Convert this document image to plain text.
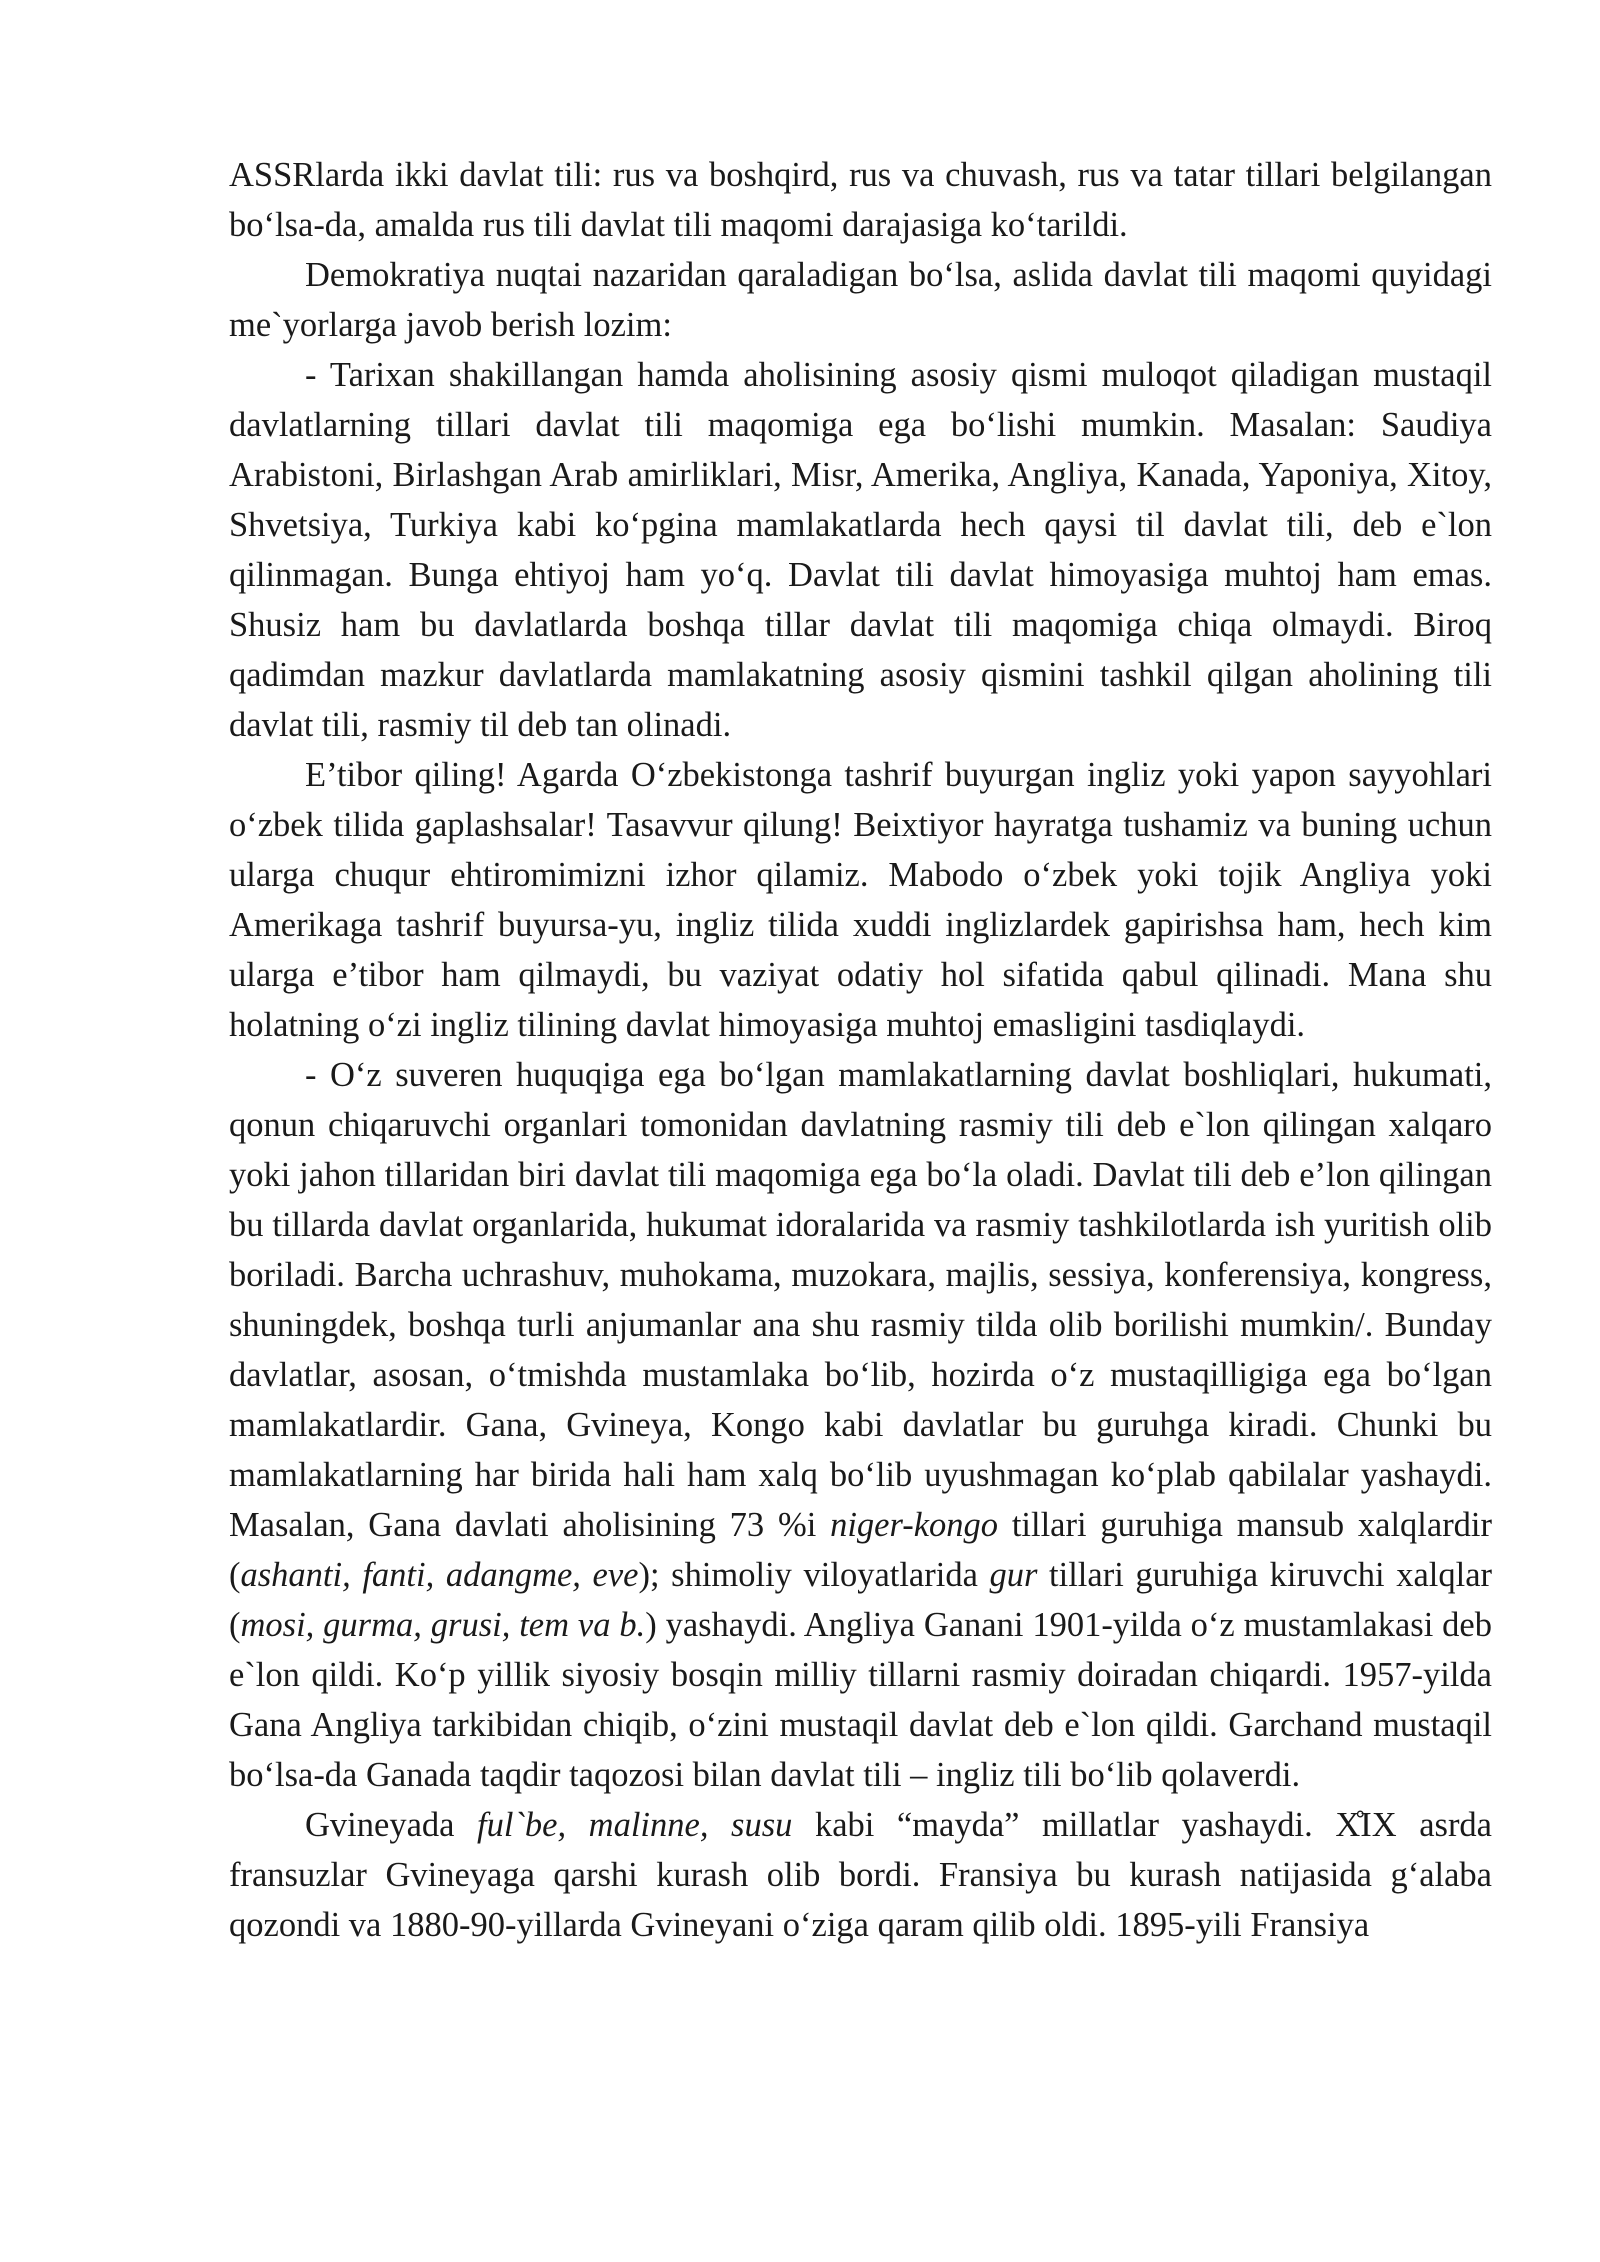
ASSRlarda ikki davlat tili: rus va boshqird, rus va chuvash, rus va tatar tillari belgilangan boʻlsa-da, amalda rus tili davlat tili maqomi darajasiga koʻtarildi.

Demokratiya nuqtai nazaridan qaraladigan boʻlsa, aslida davlat tili maqomi quyidagi me`yorlarga javob berish lozim:

- Tarixan shakillangan hamda aholisining asosiy qismi muloqot qiladigan mustaqil davlatlarning tillari davlat tili maqomiga ega boʻlishi mumkin. Masalan: Saudiya Arabistoni, Birlashgan Arab amirliklari, Misr, Amerika, Angliya, Kanada, Yaponiya, Xitoy, Shvetsiya, Turkiya kabi koʻpgina mamlakatlarda hech qaysi til davlat tili, deb e`lon qilinmagan. Bunga ehtiyoj ham yoʻq. Davlat tili davlat himoyasiga muhtoj ham emas. Shusiz ham bu davlatlarda boshqa tillar davlat tili maqomiga chiqa olmaydi. Biroq qadimdan mazkur davlatlarda mamlakatning asosiy qismini tashkil qilgan aholining tili davlat tili, rasmiy til deb tan olinadi.

E’tibor qiling! Agarda Oʻzbekistonga tashrif buyurgan ingliz yoki yapon sayyohlari oʻzbek tilida gaplashsalar! Tasavvur qilung! Beixtiyor hayratga tushamiz va buning uchun ularga chuqur ehtiromimizni izhor qilamiz. Mabodo oʻzbek yoki tojik Angliya yoki Amerikaga tashrif buyursa-yu, ingliz tilida xuddi inglizlardek gapirishsa ham, hech kim ularga e’tibor ham qilmaydi, bu vaziyat odatiy hol sifatida qabul qilinadi. Mana shu holatning oʻzi ingliz tilining davlat himoyasiga muhtoj emasligini tasdiqlaydi.

- Oʻz suveren huquqiga ega boʻlgan mamlakatlarning davlat boshliqlari, hukumati, qonun chiqaruvchi organlari tomonidan davlatning rasmiy tili deb e`lon qilingan xalqaro yoki jahon tillaridan biri davlat tili maqomiga ega boʻla oladi. Davlat tili deb e’lon qilingan bu tillarda davlat organlarida, hukumat idoralarida va rasmiy tashkilotlarda ish yuritish olib boriladi. Barcha uchrashuv, muhokama, muzokara, majlis, sessiya, konferensiya, kongress, shuningdek, boshqa turli anjumanlar ana shu rasmiy tilda olib borilishi mumkin/. Bunday davlatlar, asosan, oʻtmishda mustamlaka boʻlib, hozirda oʻz mustaqilligiga ega boʻlgan mamlakatlardir. Gana, Gvineya, Kongo kabi davlatlar bu guruhga kiradi. Chunki bu mamlakatlarning har birida hali ham xalq boʻlib uyushmagan koʻplab qabilalar yashaydi. Masalan, Gana davlati aholisining 73 %i niger-kongo tillari guruhiga mansub xalqlardir (ashanti, fanti, adangme, eve); shimoliy viloyatlarida gur tillari guruhiga kiruvchi xalqlar (mosi, gurma, grusi, tem va b.) yashaydi. Angliya Ganani 1901-yilda oʻz mustamlakasi deb e`lon qildi. Koʻp yillik siyosiy bosqin milliy tillarni rasmiy doiradan chiqardi. 1957-yilda Gana Angliya tarkibidan chiqib, oʻzini mustaqil davlat deb e`lon qildi. Garchand mustaqil boʻlsa-da Ganada taqdir taqozosi bilan davlat tili – ingliz tili boʻlib qolaverdi.

Gvineyada ful`be, malinne, susu kabi “mayda” millatlar yashaydi. X̊IX asrda fransuzlar Gvineyaga qarshi kurash olib bordi. Fransiya bu kurash natijasida gʻalaba qozondi va 1880-90-yillarda Gvineyani oʻziga qaram qilib oldi. 1895-yili Fransiya
